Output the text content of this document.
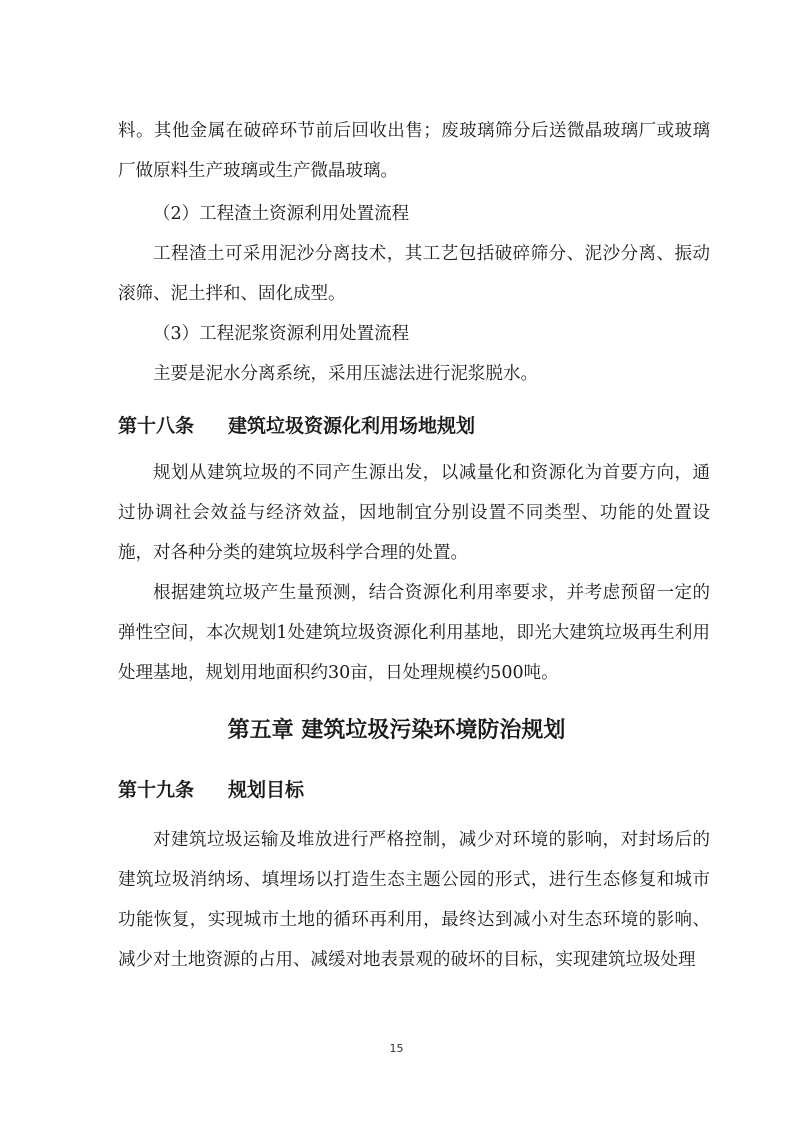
料。其他金属在破碎环节前后回收出售；废玻璃筛分后送微晶玻璃厂或玻璃厂做原料生产玻璃或生产微晶玻璃。

（2）工程渣土资源利用处置流程

工程渣土可采用泥沙分离技术，其工艺包括破碎筛分、泥沙分离、振动滚筛、泥土拌和、固化成型。

（3）工程泥浆资源利用处置流程

主要是泥水分离系统，采用压滤法进行泥浆脱水。

第十八条 建筑垃圾资源化利用场地规划

规划从建筑垃圾的不同产生源出发，以减量化和资源化为首要方向，通过协调社会效益与经济效益，因地制宜分别设置不同类型、功能的处置设施，对各种分类的建筑垃圾科学合理的处置。

根据建筑垃圾产生量预测，结合资源化利用率要求，并考虑预留一定的弹性空间，本次规划1处建筑垃圾资源化利用基地，即光大建筑垃圾再生利用处理基地，规划用地面积约30亩，日处理规模约500吨。

第五章 建筑垃圾污染环境防治规划
第十九条 规划目标

对建筑垃圾运输及堆放进行严格控制，减少对环境的影响，对封场后的建筑垃圾消纳场、填埋场以打造生态主题公园的形式，进行生态修复和城市功能恢复，实现城市土地的循环再利用，最终达到减小对生态环境的影响、减少对土地资源的占用、减缓对地表景观的破坏的目标，实现建筑垃圾处理

15
